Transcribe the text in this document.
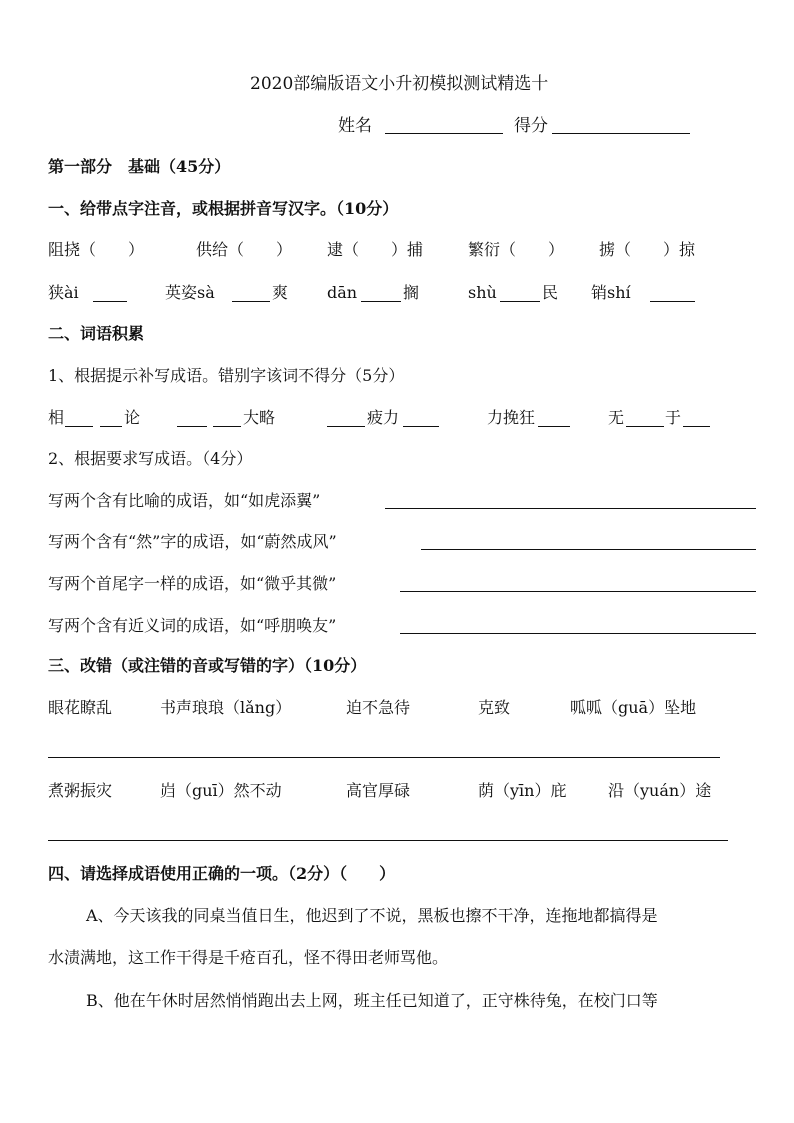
2020部编版语文小升初模拟测试精选十
姓名	得分
第一部分　基础（45分）
一、给带点字注音，或根据拼音写汉字。（10分）
阻挠（　　）	供给（　　） 逮（　　）捕	繁衍（　　） 掳（　　）掠
狭ài	英姿sà	爽 dān	搁	shù	民 销shí
二、词语积累
1、根据提示补写成语。错别字该词不得分（5分）
相	论	大略	疲力	力挽狂	无	于
2、根据要求写成语。（4分）
写两个含有比喻的成语，如“如虎添翼”
写两个含有“然”字的成语，如“蔚然成风”
写两个首尾字一样的成语，如“微乎其微”
写两个含有近义词的成语，如“呼朋唤友”
三、改错（或注错的音或写错的字）（10分）
眼花瞭乱	书声琅琅（lǎng）	迫不急待	克致	呱呱（guā）坠地
煮粥振灾	岿（guī）然不动	高官厚碌	荫（yīn）庇	沿（yuán）途
四、请选择成语使用正确的一项。（2分）（　　）
A、今天该我的同桌当值日生，他迟到了不说，黑板也擦不干净，连拖地都搞得是
水渍满地，这工作干得是千疮百孔，怪不得田老师骂他。
B、他在午休时居然悄悄跑出去上网，班主任已知道了，正守株待兔，在校门口等
